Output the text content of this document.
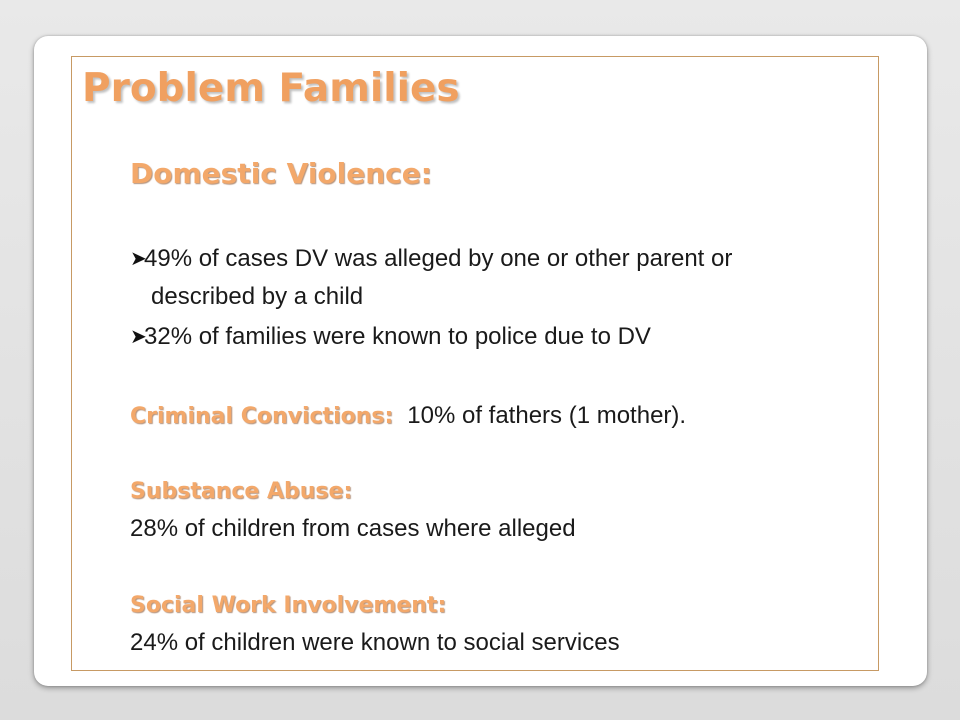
Problem Families
Domestic Violence:
➤49% of cases DV was alleged by one or other parent or
described by a child
➤32% of families were known to police due to DV
Criminal Convictions: 10% of fathers (1 mother).
Substance Abuse:
28% of children from cases where alleged
Social Work Involvement:
24% of children were known to social services
